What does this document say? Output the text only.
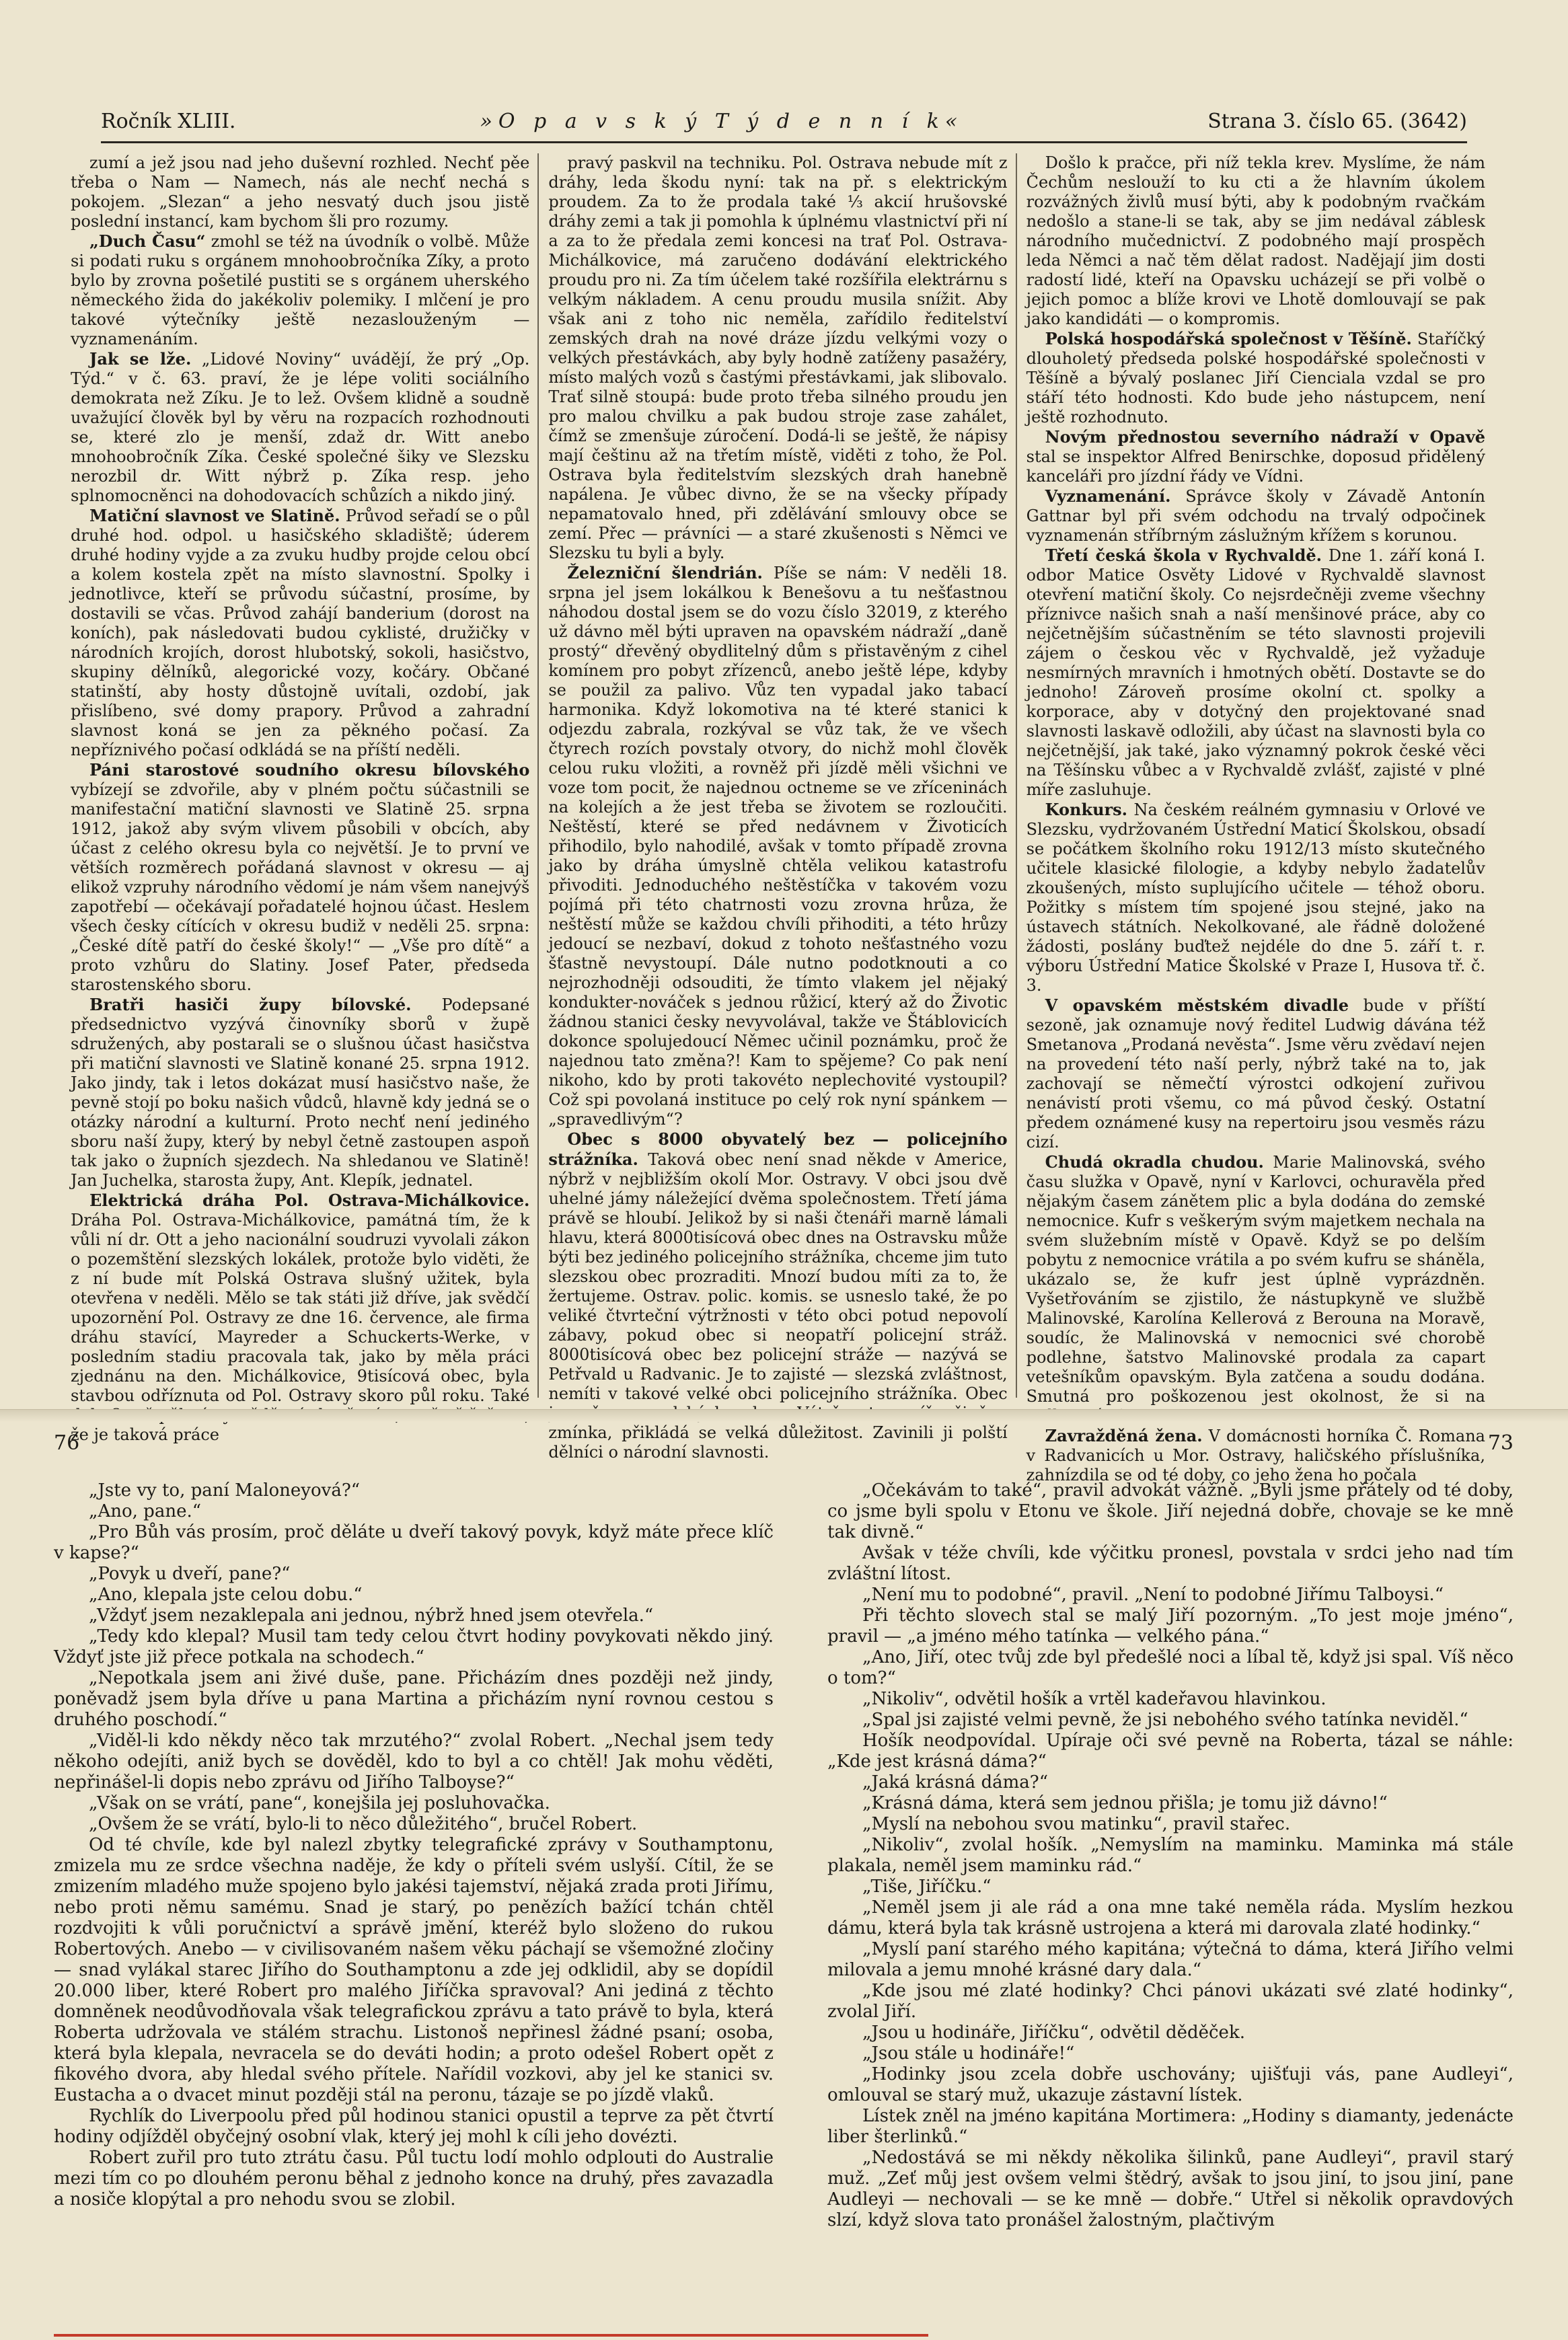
Ročník XLIII.	»O p a v s k ý T ý d e n n í k«	Strana 3. číslo 65. (3642)

zumí a jež jsou nad jeho duševní rozhled. Nechť pěe třeba o Nam — Namech, nás ale nechť nechá s pokojem. „Slezan“ a jeho nesvatý duch jsou jistě poslední instancí, kam bychom šli pro rozumy.

„Duch Času“ zmohl se též na úvodník o volbě. Může si podati ruku s orgánem mnohoobročníka Zíky, a proto bylo by zrovna pošetilé pustiti se s orgánem uherského německého žida do jakékoliv polemiky. I mlčení je pro takové výtečníky ještě nezaslouženým — vyznamenáním.

Jak se lže. „Lidové Noviny“ uvádějí, že prý „Op. Týd.“ v č. 63. praví, že je lépe voliti sociálního demokrata než Zíku. Je to lež. Ovšem klidně a soudně uvažující člověk byl by věru na rozpacích rozhodnouti se, které zlo je menší, zdaž dr. Witt anebo mnohoobročník Zíka. České společné šiky ve Slezsku nerozbil dr. Witt nýbrž p. Zíka resp. jeho splnomocněnci na dohodovacích schůzích a nikdo jiný.

Matiční slavnost ve Slatině. Průvod seřadí se o půl druhé hod. odpol. u hasičského skladiště; úderem druhé hodiny vyjde a za zvuku hudby projde celou obcí a kolem kostela zpět na místo slavnostní. Spolky i jednotlivce, kteří se průvodu súčastní, prosíme, by dostavili se včas. Průvod zahájí banderium (dorost na koních), pak následovati budou cyklisté, družičky v národních krojích, dorost hlubotský, sokoli, hasičstvo, skupiny dělníků, alegorické vozy, kočáry. Občané statinští, aby hosty důstojně uvítali, ozdobí, jak přislíbeno, své domy prapory. Průvod a zahradní slavnost koná se jen za pěkného počasí. Za nepříznivého počasí odkládá se na příští neděli.

Páni starostové soudního okresu bílovského vybízejí se zdvořile, aby v plném počtu súčastnili se manifestační matiční slavnosti ve Slatině 25. srpna 1912, jakož aby svým vlivem působili v obcích, aby účast z celého okresu byla co největší. Je to první ve větších rozměrech pořádaná slavnost v okresu — aj elikož vzpruhy národního vědomí je nám všem nanejvýš zapotřebí — očekávají pořadatelé hojnou účast. Heslem všech česky cítících v okresu budiž v neděli 25. srpna: „České dítě patří do české školy!“ — „Vše pro dítě“ a proto vzhůru do Slatiny. Josef Pater, předseda starostenského sboru.

Bratři hasiči župy bílovské. Podepsané předsednictvo vyzývá činovníky sborů v župě sdružených, aby postarali se o slušnou účast hasičstva při matiční slavnosti ve Slatině konané 25. srpna 1912. Jako jindy, tak i letos dokázat musí hasičstvo naše, že pevně stojí po boku našich vůdců, hlavně kdy jedná se o otázky národní a kulturní. Proto nechť není jediného sboru naší župy, který by nebyl četně zastoupen aspoň tak jako o župních sjezdech. Na shledanou ve Slatině! Jan Juchelka, starosta župy, Ant. Klepík, jednatel.

Elektrická dráha Pol. Ostrava-Michálkovice. Dráha Pol. Ostrava-Michálkovice, památná tím, že k vůli ní dr. Ott a jeho nacionální soudruzi vyvolali zákon o pozemštění slezských lokálek, protože bylo viděti, že z ní bude mít Polská Ostrava slušný užitek, byla otevřena v neděli. Mělo se tak státi již dříve, jak svědčí upozornění Pol. Ostravy ze dne 16. července, ale firma dráhu stavící, Mayreder a Schuckerts-Werke, v posledním stadiu pracovala tak, jako by měla práci zjednánu na den. Michálkovice, 9tisícová obec, byla stavbou odříznuta od Pol. Ostravy skoro půl roku. Také že je taková práce

pravý paskvil na techniku. Pol. Ostrava nebude mít z dráhy, leda škodu nyní: tak na př. s elektrickým proudem. Za to že prodala také ⅓ akcií hrušovské dráhy zemi a tak ji pomohla k úplnému vlastnictví při ní a za to že předala zemi koncesi na trať Pol. Ostrava-Michálkovice, má zaručeno dodávání elektrického proudu pro ni. Za tím účelem také rozšířila elektrárnu s velkým nákladem. A cenu proudu musila snížit. Aby však ani z toho nic neměla, zařídilo ředitelství zemských drah na nové dráze jízdu velkými vozy o velkých přestávkách, aby byly hodně zatíženy pasažéry, místo malých vozů s častými přestávkami, jak slibovalo. Trať silně stoupá: bude proto třeba silného proudu jen pro malou chvilku a pak budou stroje zase zahálet, čímž se zmenšuje zúročení. Dodá-li se ještě, že nápisy mají češtinu až na třetím místě, viděti z toho, že Pol. Ostrava byla ředitelstvím slezských drah hanebně napálena. Je vůbec divno, že se na všecky případy nepamatovalo hned, při zdělávání smlouvy obce se zemí. Přec — právníci — a staré zkušenosti s Němci ve Slezsku tu byli a byly.

Železniční šlendrián. Píše se nám: V neděli 18. srpna jel jsem lokálkou k Benešovu a tu nešťastnou náhodou dostal jsem se do vozu číslo 32019, z kterého už dávno měl býti upraven na opavském nádraží „daně prostý“ dřevěný obydlitelný dům s přistavěným z cihel komínem pro pobyt zřízenců, anebo ještě lépe, kdyby se použil za palivo. Vůz ten vypadal jako tabací harmonika. Když lokomotiva na té které stanici k odjezdu zabrala, rozkýval se vůz tak, že ve všech čtyrech rozích povstaly otvory, do nichž mohl člověk celou ruku vložiti, a rovněž při jízdě měli všichni ve voze tom pocit, že najednou octneme se ve zříceninách na kolejích a že jest třeba se životem se rozloučiti. Neštěstí, které se před nedávnem v Životicích přihodilo, bylo nahodilé, avšak v tomto případě zrovna jako by dráha úmyslně chtěla velikou katastrofu přivoditi. Jednoduchého neštěstíčka v takovém vozu pojímá při této chatrnosti vozu zrovna hrůza, že neštěstí může se každou chvíli přihoditi, a této hrůzy jedoucí se nezbaví, dokud z tohoto nešťastného vozu šťastně nevystoupí. Dále nutno podotknouti a co nejrozhodněji odsouditi, že tímto vlakem jel nějaký kondukter-nováček s jednou růžicí, který až do Životic žádnou stanici česky nevyvolával, takže ve Štáblovicích dokonce spolujedoucí Němec učinil poznámku, proč že najednou tato změna?! Kam to spějeme? Co pak není nikoho, kdo by proti takovéto neplechovité vystoupil? Což spi povolaná instituce po celý rok nyní spánkem — „spravedlivým“?

Obec s 8000 obyvatelý bez — policejního strážníka. Taková obec není snad někde v Americe, nýbrž v nejbližším okolí Mor. Ostravy. V obci jsou dvě uhelné jámy náležející dvěma společnostem. Třetí jáma právě se hloubí. Jelikož by si naši čtenáři marně lámali hlavu, která 8000tisícová obec dnes na Ostravsku může býti bez jediného policejního strážníka, chceme jim tuto slezskou obec prozraditi. Mnozí budou míti za to, že žertujeme. Ostrav. polic. komis. se usneslo také, že po veliké čtvrteční výtržnosti v této obci potud nepovolí zábavy, pokud obec si neopatří policejní stráž. 8000tisícová obec bez policejní stráže — nazývá se Petřvald u Radvanic. Je to zajisté — slezská zvláštnost, nemíti v takové velké obci policejního strážníka. Obec zmínka, přikládá se velká důležitost. Zavinili ji polští dělníci o národní slavnosti.

Došlo k pračce, při níž tekla krev. Myslíme, že nám Čechům neslouží to ku cti a že hlavním úkolem rozvážných živlů musí býti, aby k podobným rvačkám nedošlo a stane-li se tak, aby se jim nedával záblesk národního mučednictví. Z podobného mají prospěch leda Němci a nač těm dělat radost. Nadějají jim dosti radostí lidé, kteří na Opavsku ucházejí se při volbě o jejich pomoc a blíže krovi ve Lhotě domlouvají se pak jako kandidáti — o kompromis.

Polská hospodářská společnost v Těšíně. Staříčký dlouholetý předseda polské hospodářské společnosti v Těšíně a bývalý poslanec Jiří Cienciala vzdal se pro stáří této hodnosti. Kdo bude jeho nástupcem, není ještě rozhodnuto.

Novým přednostou severního nádraží v Opavě stal se inspektor Alfred Benirschke, doposud přidělený kanceláři pro jízdní řády ve Vídni.

Vyznamenání. Správce školy v Závadě Antonín Gattnar byl při svém odchodu na trvalý odpočinek vyznamenán stříbrným záslužným křížem s korunou.

Třetí česká škola v Rychvaldě. Dne 1. září koná I. odbor Matice Osvěty Lidové v Rychvaldě slavnost otevření matiční školy. Co nejsrdečněji zveme všechny příznivce našich snah a naší menšinové práce, aby co nejčetnějším súčastněním se této slavnosti projevili zájem o českou věc v Rychvaldě, jež vyžaduje nesmírných mravních i hmotných obětí. Dostavte se do jednoho! Zároveň prosíme okolní ct. spolky a korporace, aby v dotyčný den projektované snad slavnosti laskavě odložili, aby účast na slavnosti byla co nejčetnější, jak také, jako významný pokrok české věci na Těšínsku vůbec a v Rychvaldě zvlášť, zajisté v plné míře zasluhuje.

Konkurs. Na českém reálném gymnasiu v Orlové ve Slezsku, vydržovaném Ústřední Maticí Školskou, obsadí se počátkem školního roku 1912/13 místo skutečného učitele klasické filologie, a kdyby nebylo žadatelův zkoušených, místo suplujícího učitele — téhož oboru. Požitky s místem tím spojené jsou stejné, jako na ústavech státních. Nekolkované, ale řádně doložené žádosti, poslány buďtež nejdéle do dne 5. září t. r. výboru Ústřední Matice Školské v Praze I, Husova tř. č. 3.

V opavském městském divadle bude v příští sezoně, jak oznamuje nový ředitel Ludwig dávána též Smetanova „Prodaná nevěsta“. Jsme věru zvědaví nejen na provedení této naší perly, nýbrž také na to, jak zachovají se němečtí výrostci odkojení zuřivou nenávistí proti všemu, co má původ český. Ostatní předem oznámené kusy na repertoiru jsou vesměs rázu cizí.

Chudá okradla chudou. Marie Malinovská, svého času služka v Opavě, nyní v Karlovci, ochuravěla před nějakým časem zánětem plic a byla dodána do zemské nemocnice. Kufr s veškerým svým majetkem nechala na svém služebním místě v Opavě. Když se po delším pobytu z nemocnice vrátila a po svém kufru se sháněla, ukázalo se, že kufr jest úplně vyprázdněn. Vyšetřováním se zjistilo, že nástupkyně ve službě Malinovské, Karolína Kellerová z Berouna na Moravě, soudíc, že Malinovská v nemocnici své chorobě podlehne, šatstvo Malinovské prodala za capart vetešníkům opavským. Byla zatčena a soudu dodána. Smutná pro poškozenou jest okolnost, že si na

Zavražděná žena. V domácnosti horníka Č. Romana v Radvanicích u Mor. Ostravy, haličského příslušníka, zahnízdila se od té doby, co jeho žena ho počala

76

„Jste vy to, paní Maloneyová?“

„Ano, pane.“

„Pro Bůh vás prosím, proč děláte u dveří takový povyk, když máte přece klíč v kapse?“

„Povyk u dveří, pane?“

„Ano, klepala jste celou dobu.“

„Vždyť jsem nezaklepala ani jednou, nýbrž hned jsem otevřela.“

„Tedy kdo klepal? Musil tam tedy celou čtvrt hodiny povykovati někdo jiný. Vždyť jste již přece potkala na schodech.“

„Nepotkala jsem ani živé duše, pane. Přicházím dnes později než jindy, poněvadž jsem byla dříve u pana Martina a přicházím nyní rovnou cestou s druhého poschodí.“

„Viděl-li kdo někdy něco tak mrzutého?“ zvolal Robert. „Nechal jsem tedy někoho odejíti, aniž bych se dověděl, kdo to byl a co chtěl! Jak mohu věděti, nepřinášel-li dopis nebo zprávu od Jiřího Talboyse?“

„Však on se vrátí, pane“, konejšila jej posluhovačka.

„Ovšem že se vrátí, bylo-li to něco důležitého“, bručel Robert.

Od té chvíle, kde byl nalezl zbytky telegrafické zprávy v Southamptonu, zmizela mu ze srdce všechna naděje, že kdy o příteli svém uslyší. Cítil, že se zmizením mladého muže spojeno bylo jakési tajemství, nějaká zrada proti Jiřímu, nebo proti němu samému. Snad je starý, po penězích bažící tchán chtěl rozdvojiti k vůli poručnictví a správě jmění, kteréž bylo složeno do rukou Robertových. Anebo — v civilisovaném našem věku páchají se všemožné zločiny — snad vylákal starec Jiřího do Southamptonu a zde jej odklidil, aby se dopídil 20.000 liber, které Robert pro malého Jiříčka spravoval? Ani jediná z těchto domněnek neodůvodňovala však telegrafickou zprávu a tato právě to byla, která Roberta udržovala ve stálém strachu. Listonoš nepřinesl žádné psaní; osoba, která byla klepala, nevracela se do deváti hodin; a proto odešel Robert opět z fikového dvora, aby hledal svého přítele. Nařídil vozkovi, aby jel ke stanici sv. Eustacha a o dvacet minut později stál na peronu, tázaje se po jízdě vlaků.

Rychlík do Liverpoolu před půl hodinou stanici opustil a teprve za pět čtvrtí hodiny odjížděl obyčejný osobní vlak, který jej mohl k cíli jeho dovézti.

Robert zuřil pro tuto ztrátu času. Půl tuctu lodí mohlo odplouti do Australie mezi tím co po dlouhém peronu běhal z jednoho konce na druhý, přes zavazadla a nosiče klopýtal a pro nehodu svou se zlobil.

73

„Očekávám to také“, pravil advokát vážně. „Byli jsme přátely od té doby, co jsme byli spolu v Etonu ve škole. Jiří nejedná dobře, chovaje se ke mně tak divně.“

Avšak v téže chvíli, kde výčitku pronesl, povstala v srdci jeho nad tím zvláštní lítost.

„Není mu to podobné“, pravil. „Není to podobné Jiřímu Talboysi.“

Při těchto slovech stal se malý Jiří pozorným. „To jest moje jméno“, pravil — „a jméno mého tatínka — velkého pána.“

„Ano, Jiří, otec tvůj zde byl předešlé noci a líbal tě, když jsi spal. Víš něco o tom?“

„Nikoliv“, odvětil hošík a vrtěl kadeřavou hlavinkou.

„Spal jsi zajisté velmi pevně, že jsi nebohého svého tatínka neviděl.“

Hošík neodpovídal. Upíraje oči své pevně na Roberta, tázal se náhle: „Kde jest krásná dáma?“

„Jaká krásná dáma?“

„Krásná dáma, která sem jednou přišla; je tomu již dávno!“

„Myslí na nebohou svou matinku“, pravil stařec.

„Nikoliv“, zvolal hošík. „Nemyslím na maminku. Maminka má stále plakala, neměl jsem maminku rád.“

„Tiše, Jiříčku.“

„Neměl jsem ji ale rád a ona mne také neměla ráda. Myslím hezkou dámu, která byla tak krásně ustrojena a která mi darovala zlaté hodinky.“

„Myslí paní starého mého kapitána; výtečná to dáma, která Jiřího velmi milovala a jemu mnohé krásné dary dala.“

„Kde jsou mé zlaté hodinky? Chci pánovi ukázati své zlaté hodinky“, zvolal Jiří.

„Jsou u hodináře, Jiříčku“, odvětil děděček.

„Jsou stále u hodináře!“

„Hodinky jsou zcela dobře uschovány; ujišťuji vás, pane Audleyi“, omlouval se starý muž, ukazuje zástavní lístek.

Lístek zněl na jméno kapitána Mortimera: „Hodiny s diamanty, jedenácte liber šterlinků.“

„Nedostává se mi někdy několika šilinků, pane Audleyi“, pravil starý muž. „Zeť můj jest ovšem velmi štědrý, avšak to jsou jiní, to jsou jiní, pane Audleyi — nechovali — se ke mně — dobře.“ Utřel si několik opravdových slzí, když slova tato pronášel žalostným, plačtivým
